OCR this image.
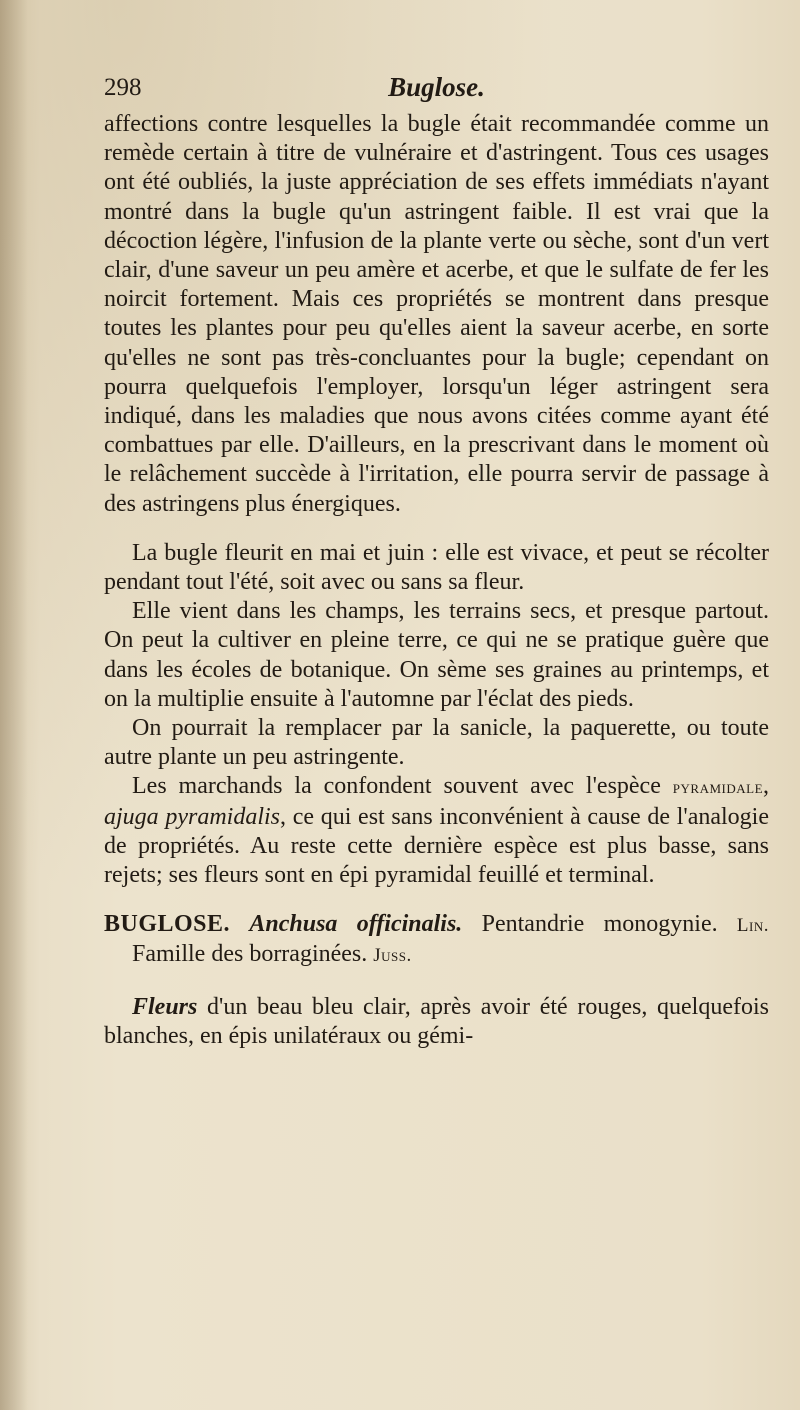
298	Buglose.

affections contre lesquelles la bugle était recommandée comme un remède certain à titre de vulnéraire et d'astringent. Tous ces usages ont été oubliés, la juste appréciation de ses effets immédiats n'ayant montré dans la bugle qu'un astringent faible. Il est vrai que la décoction légère, l'infusion de la plante verte ou sèche, sont d'un vert clair, d'une saveur un peu amère et acerbe, et que le sulfate de fer les noircit fortement. Mais ces propriétés se montrent dans presque toutes les plantes pour peu qu'elles aient la saveur acerbe, en sorte qu'elles ne sont pas très-concluantes pour la bugle; cependant on pourra quelquefois l'employer, lorsqu'un léger astringent sera indiqué, dans les maladies que nous avons citées comme ayant été combattues par elle. D'ailleurs, en la prescrivant dans le moment où le relâchement succède à l'irritation, elle pourra servir de passage à des astringens plus énergiques.

La bugle fleurit en mai et juin : elle est vivace, et peut se récolter pendant tout l'été, soit avec ou sans sa fleur.

Elle vient dans les champs, les terrains secs, et presque partout. On peut la cultiver en pleine terre, ce qui ne se pratique guère que dans les écoles de botanique. On sème ses graines au printemps, et on la multiplie ensuite à l'automne par l'éclat des pieds.

On pourrait la remplacer par la sanicle, la paquerette, ou toute autre plante un peu astringente.

Les marchands la confondent souvent avec l'espèce pyramidale, ajuga pyramidalis, ce qui est sans inconvénient à cause de l'analogie de propriétés. Au reste cette dernière espèce est plus basse, sans rejets; ses fleurs sont en épi pyramidal feuillé et terminal.

BUGLOSE. Anchusa officinalis. Pentandrie monogynie. Lin. Famille des borraginées. Juss.

Fleurs d'un beau bleu clair, après avoir été rouges, quelquefois blanches, en épis unilatéraux ou gémi-
